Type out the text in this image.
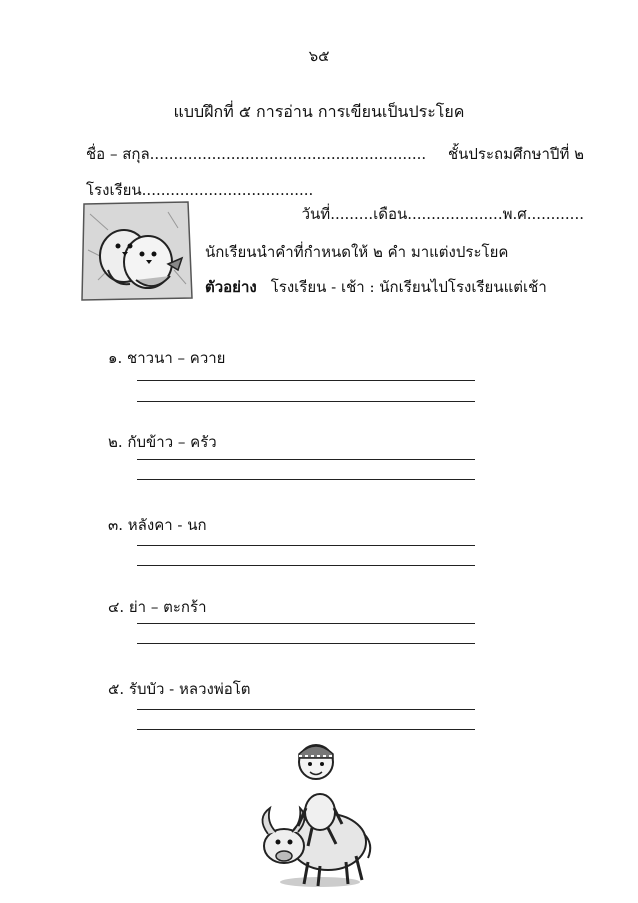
๖๕
แบบฝึกที่ ๕ การอ่าน การเขียนเป็นประโยค
ชื่อ – สกุล.......................................................... ชั้นประถมศึกษาปีที่ ๒
โรงเรียน....................................
วันที่.........เดือน....................พ.ศ............
นักเรียนนำคำที่กำหนดให้ ๒ คำ มาแต่งประโยค
ตัวอย่าง โรงเรียน - เช้า : นักเรียนไปโรงเรียนแต่เช้า
๑. ชาวนา – ควาย
๒. กับข้าว – ครัว
๓. หลังคา - นก
๔. ย่า – ตะกร้า
๕. รับบัว - หลวงพ่อโต
